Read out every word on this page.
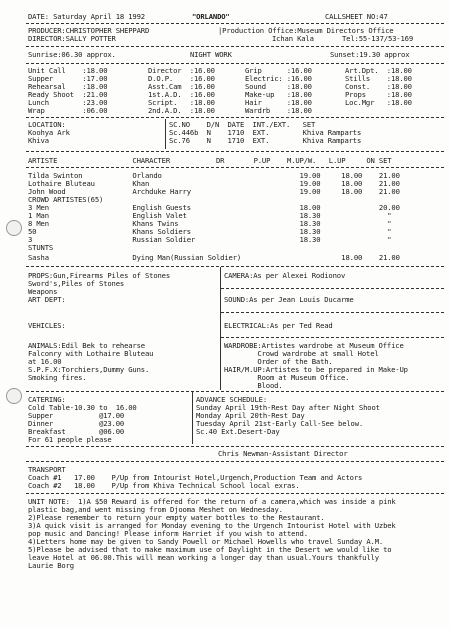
DATE: Saturday April 18 1992	"ORLANDO"	CALLSHEET NO:47
PRODUCER:CHRISTOPHER SHEPPARD
DIRECTOR:SALLY POTTER
|Production Office:Museum Directors Office
Ichan Kala	Tel:55-137/53-169
Sunrise:06.30 approx.	NIGHT WORK	Sunset:19.30 approx
Unit Call    :18.00
Supper       :17.00
Rehearsal    :18.00
Ready Shoot  :21.00
Lunch        :23.00
Wrap         :06.00
Director  :16.00
D.O.P.    :16.00
Asst.Cam  :16.00
1st.A.D.  :16.00
Script.   :18.00
2nd.A.D.  :18.00
Grip      :16.00
Electric: :16.00
Sound     :18.00
Make-up   :18.00
Hair      :18.00
Wardrb    :18.00
Art.Dpt.  :18.00
Stills    :18.00
Const.    :18.00
Props     :18.00
Loc.Mgr   :18.00
LOCATION:
Koohya Ark
Khiva
SC.NO    D/N  DATE  INT./EXT.   SET
Sc.446b  N    1710  EXT.        Khiva Ramparts
Sc.76    N    1710  EXT.        Khiva Ramparts
ARTISTE                  CHARACTER           DR       P.UP    M.UP/W.   L.UP     ON SET
Tilda Swinton            Orlando                                 19.00     18.00    21.00
Lothaire Bluteau         Khan                                    19.00     18.00    21.00
John Wood                Archduke Harry                          19.00     18.00    21.00
CROWD ARTISTES(65)
3 Men                    English Guests                          18.00              20.00
1 Man                    English Valet                           18.30                "
8 Men                    Khans Twins                             18.30                "
50                       Khans Soldiers                          18.30                "
3                        Russian Soldier                         18.30                "
STUNTS
Sasha                    Dying Man(Russian Soldier)                        18.00    21.00
PROPS:Gun,Firearms Piles of Stones
Sword's,Piles of Stones
Weapons
ART DEPT:
VEHICLES:
ANIMALS:Edil Bek to rehearse
Falconry with Lothaire Bluteau
at 16.00
S.P.F.X:Torchiers,Dummy Guns.
Smoking fires.
CAMERA:As per Alexei Rodionov
SOUND:As per Jean Louis Ducarme
ELECTRICAL:As per Ted Read
WARDROBE:Artistes wardrobe at Museum Office
Crowd wardrobe at small Hotel
Order of the Bath.
HAIR/M.UP:Artistes to be prepared in Make-Up
Room at Museum Office.
Blood.
CATERING:
Cold Table-10.30 to  16.00
Supper           @17.00
Dinner           @23.00
Breakfast        @06.00
For 61 people please
ADVANCE SCHEDULE:
Sunday April 19th-Rest Day after Night Shoot
Monday April 20th-Rest Day
Tuesday April 21st-Early Call-See below.
Sc.40 Ext.Desert-Day
Chris Newman-Assistant Director
TRANSPORT
Coach #1   17.00    P/Up from Intourist Hotel,Urgench,Production Team and Actors
Coach #2   18.00    P/Up from Khiva Technical School local exras.
UNIT NOTE:  1)A $50 Reward is offered for the return of a camera,which was inside a pink
plastic bag,and went missing from Djooma Meshet on Wednesday.
2)Please remember to return your empty water bottles to the Restaurant.
3)A quick visit is arranged for Monday evening to the Urgench Intourist Hotel with Uzbek
pop music and Dancing! Please inform Harriet if you wish to attend.
4)Letters home may be given to Sandy Powell or Michael Howells who travel Sunday A.M.
5)Please be advised that to make maximum use of Daylight in the Desert we would like to
leave Hotel at 06.00.This will mean working a longer day than usual.Yours thankfully
Laurie Borg
